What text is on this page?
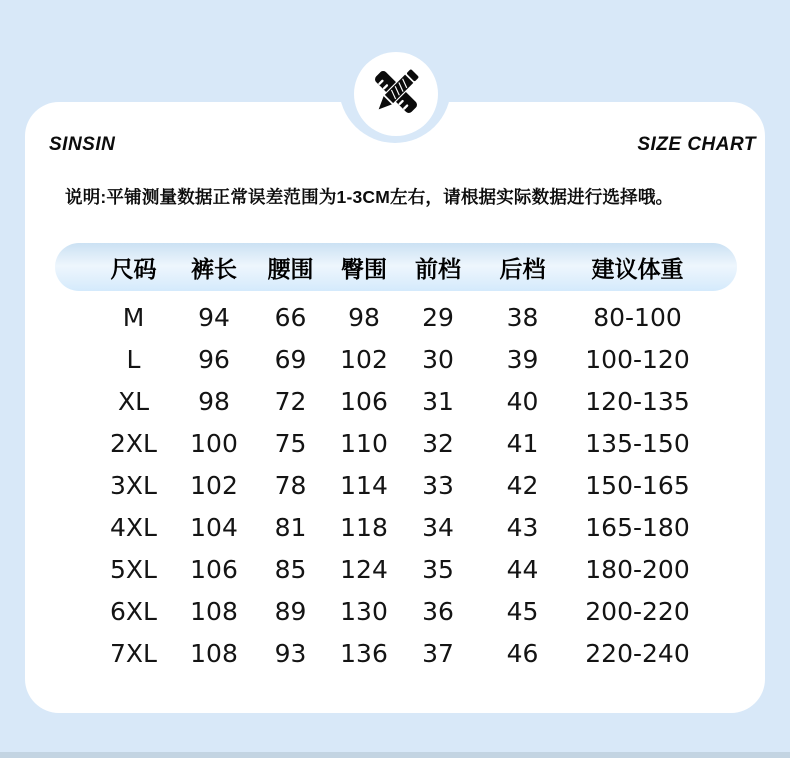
SINSIN	SIZE CHART
说明:平铺测量数据正常误差范围为1-3CM左右，请根据实际数据进行选择哦。
尺码	裤长	腰围	臀围	前档	后档	建议体重
M	94	66	98	29	38	80-100
L	96	69	102	30	39	100-120
XL	98	72	106	31	40	120-135
2XL	100	75	110	32	41	135-150
3XL	102	78	114	33	42	150-165
4XL	104	81	118	34	43	165-180
5XL	106	85	124	35	44	180-200
6XL	108	89	130	36	45	200-220
7XL	108	93	136	37	46	220-240
